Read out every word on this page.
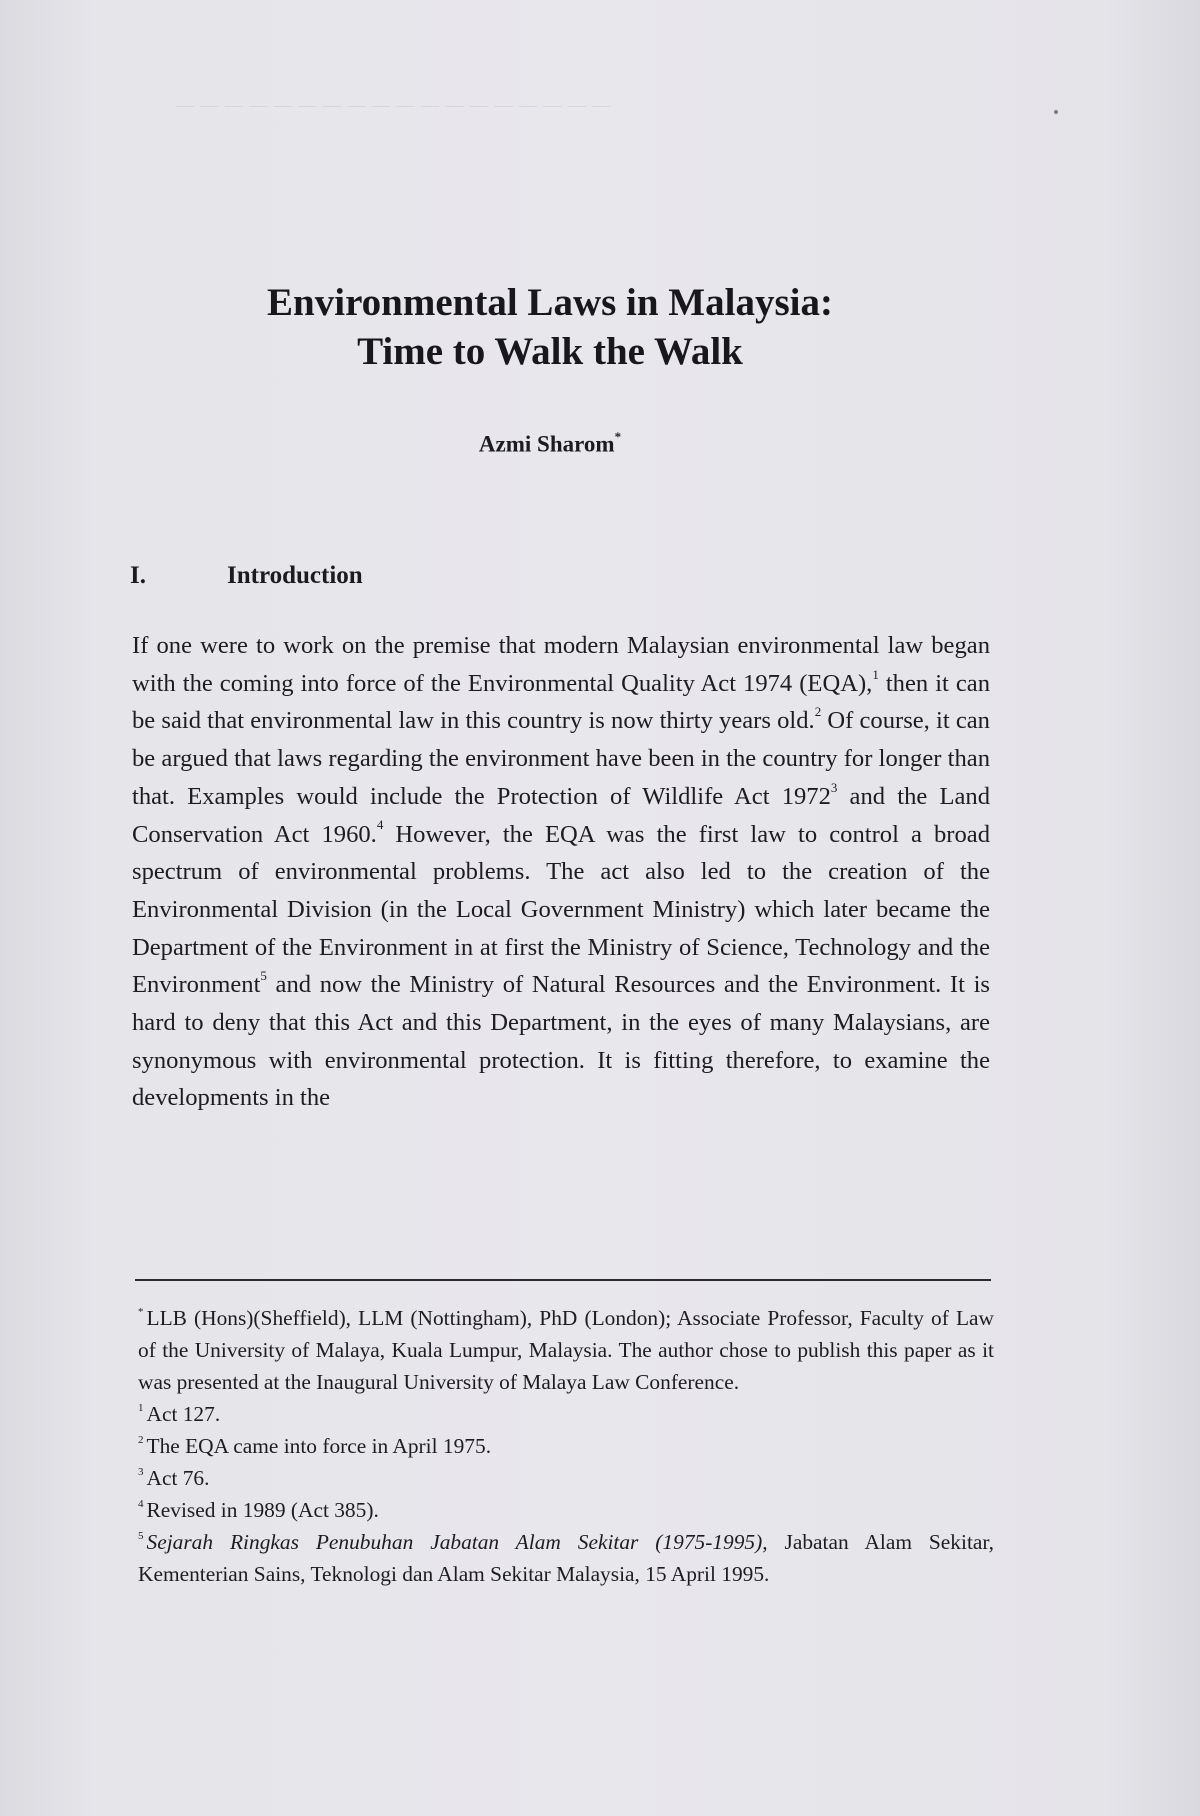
— — — — — — — — — — — — — — — — — —
Environmental Laws in Malaysia:
Time to Walk the Walk
Azmi Sharom*
I.	Introduction

If one were to work on the premise that modern Malaysian environmental law began with the coming into force of the Environmental Quality Act 1974 (EQA),$^1$ then it can be said that environmental law in this country is now thirty years old.$^2$ Of course, it can be argued that laws regarding the environment have been in the country for longer than that. Examples would include the Protection of Wildlife Act 1972$^3$ and the Land Conservation Act 1960.$^4$ However, the EQA was the first law to control a broad spectrum of environmental problems. The act also led to the creation of the Environmental Division (in the Local Government Ministry) which later became the Department of the Environment in at first the Ministry of Science, Technology and the Environment$^5$ and now the Ministry of Natural Resources and the Environment. It is hard to deny that this Act and this Department, in the eyes of many Malaysians, are synonymous with environmental protection. It is fitting therefore, to examine the developments in the

* LLB (Hons)(Sheffield), LLM (Nottingham), PhD (London); Associate Professor, Faculty of Law of the University of Malaya, Kuala Lumpur, Malaysia. The author chose to publish this paper as it was presented at the Inaugural University of Malaya Law Conference.

$^1$ Act 127.

$^2$ The EQA came into force in April 1975.

$^3$ Act 76.

$^4$ Revised in 1989 (Act 385).

$^5$ Sejarah Ringkas Penubuhan Jabatan Alam Sekitar (1975-1995), Jabatan Alam Sekitar, Kementerian Sains, Teknologi dan Alam Sekitar Malaysia, 15 April 1995.
